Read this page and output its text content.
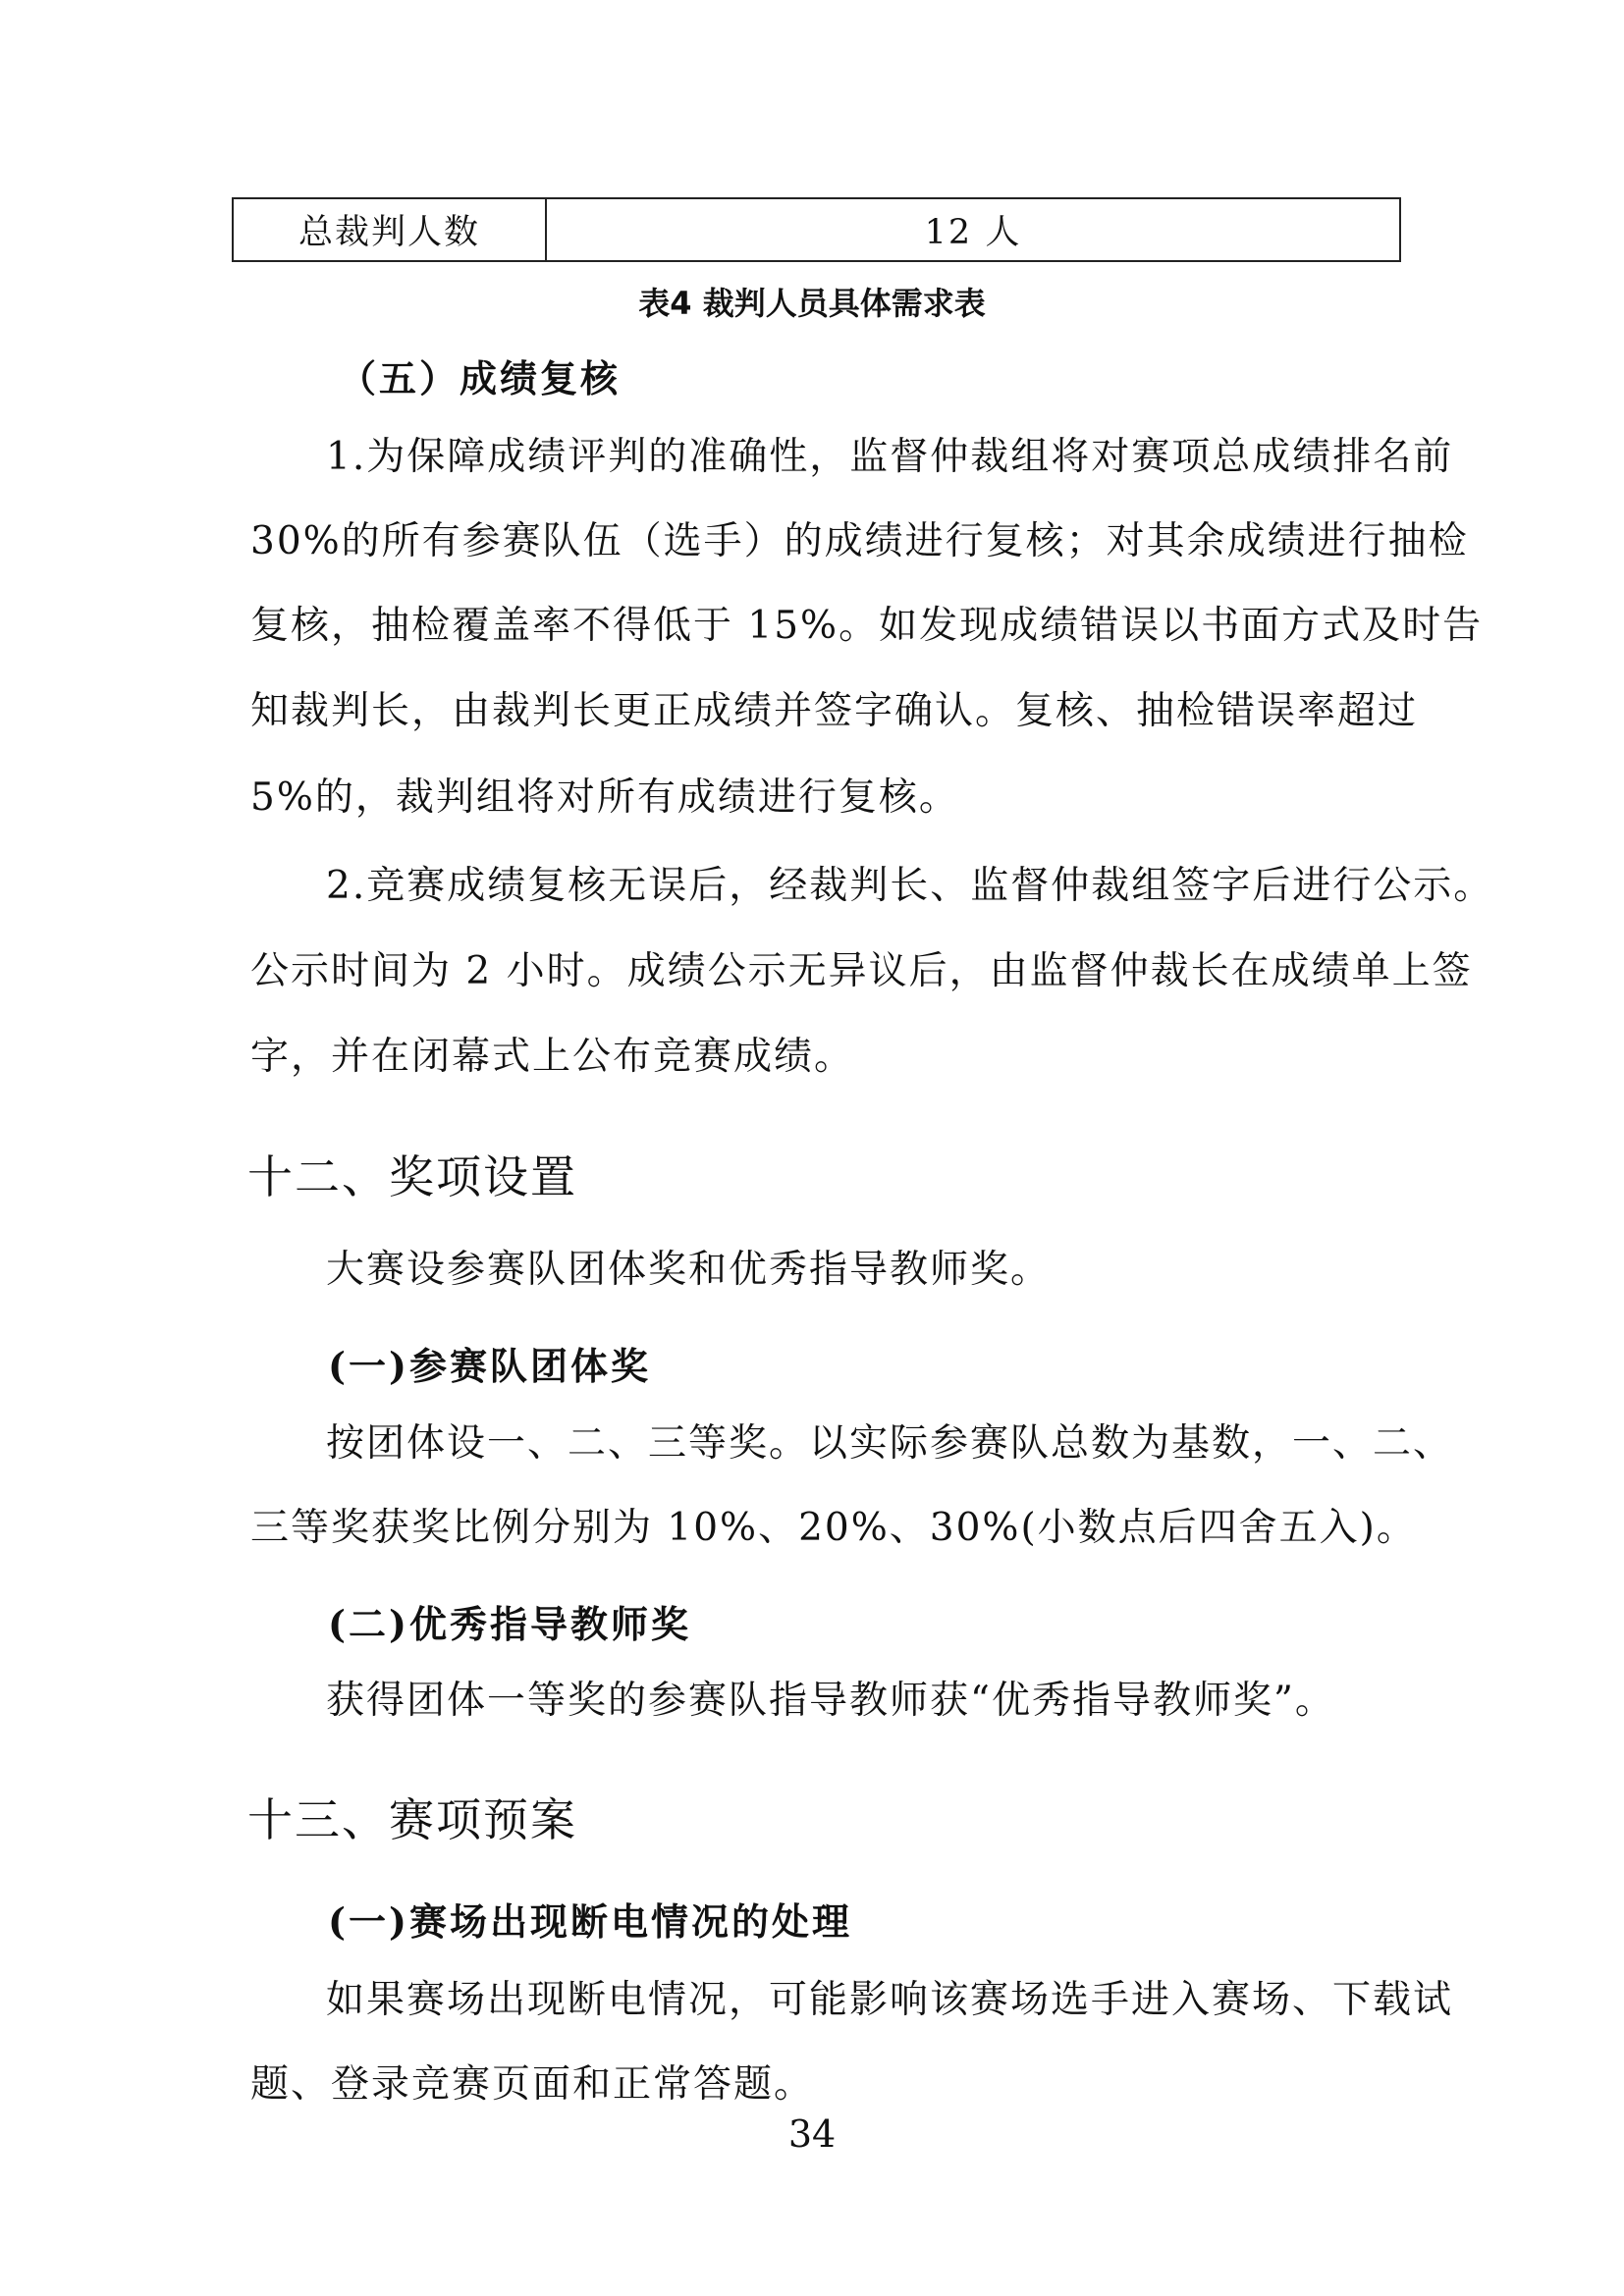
总裁判人数	12 人

表4 裁判人员具体需求表

（五）成绩复核

1.为保障成绩评判的准确性，监督仲裁组将对赛项总成绩排名前

30%的所有参赛队伍（选手）的成绩进行复核；对其余成绩进行抽检

复核，抽检覆盖率不得低于 15%。如发现成绩错误以书面方式及时告

知裁判长，由裁判长更正成绩并签字确认。复核、抽检错误率超过

5%的，裁判组将对所有成绩进行复核。

2.竞赛成绩复核无误后，经裁判长、监督仲裁组签字后进行公示。

公示时间为 2 小时。成绩公示无异议后，由监督仲裁长在成绩单上签

字，并在闭幕式上公布竞赛成绩。

十二、奖项设置

大赛设参赛队团体奖和优秀指导教师奖。

(一)参赛队团体奖

按团体设一、二、三等奖。以实际参赛队总数为基数，一、二、

三等奖获奖比例分别为 10%、20%、30%(小数点后四舍五入)。

(二)优秀指导教师奖

获得团体一等奖的参赛队指导教师获“优秀指导教师奖”。

十三、赛项预案

(一)赛场出现断电情况的处理

如果赛场出现断电情况，可能影响该赛场选手进入赛场、下载试

题、登录竞赛页面和正常答题。

34
